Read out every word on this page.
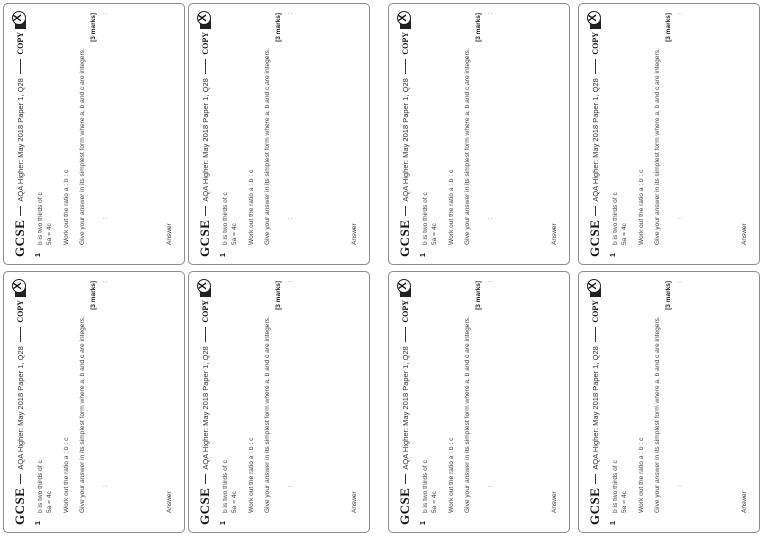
GCSE
AQA Higher: May 2018 Paper 1, Q28
COPY
X
1
b is two thirds of c 5a = 4c Work out the ratio a : b : c Give your answer in its simplest form where a, b and c are integers.
[3 marks]
Answer
:
:
GCSE
AQA Higher: May 2018 Paper 1, Q28
COPY
X
1
b is two thirds of c 5a = 4c Work out the ratio a : b : c Give your answer in its simplest form where a, b and c are integers.
[3 marks]
Answer
:
:
GCSE
AQA Higher: May 2018 Paper 1, Q28
COPY
X
1
b is two thirds of c 5a = 4c Work out the ratio a : b : c Give your answer in its simplest form where a, b and c are integers.
[3 marks]
Answer
:
:
GCSE
AQA Higher: May 2018 Paper 1, Q28
COPY
X
1
b is two thirds of c 5a = 4c Work out the ratio a : b : c Give your answer in its simplest form where a, b and c are integers.
[3 marks]
Answer
:
:
GCSE
AQA Higher: May 2018 Paper 1, Q28
COPY
X
1
b is two thirds of c 5a = 4c Work out the ratio a : b : c Give your answer in its simplest form where a, b and c are integers.
[3 marks]
Answer
:
:
GCSE
AQA Higher: May 2018 Paper 1, Q28
COPY
X
1
b is two thirds of c 5a = 4c Work out the ratio a : b : c Give your answer in its simplest form where a, b and c are integers.
[3 marks]
Answer
:
:
GCSE
AQA Higher: May 2018 Paper 1, Q28
COPY
X
1
b is two thirds of c 5a = 4c Work out the ratio a : b : c Give your answer in its simplest form where a, b and c are integers.
[3 marks]
Answer
:
:
GCSE
AQA Higher: May 2018 Paper 1, Q28
COPY
X
1
b is two thirds of c 5a = 4c Work out the ratio a : b : c Give your answer in its simplest form where a, b and c are integers.
[3 marks]
Answer
:
:
